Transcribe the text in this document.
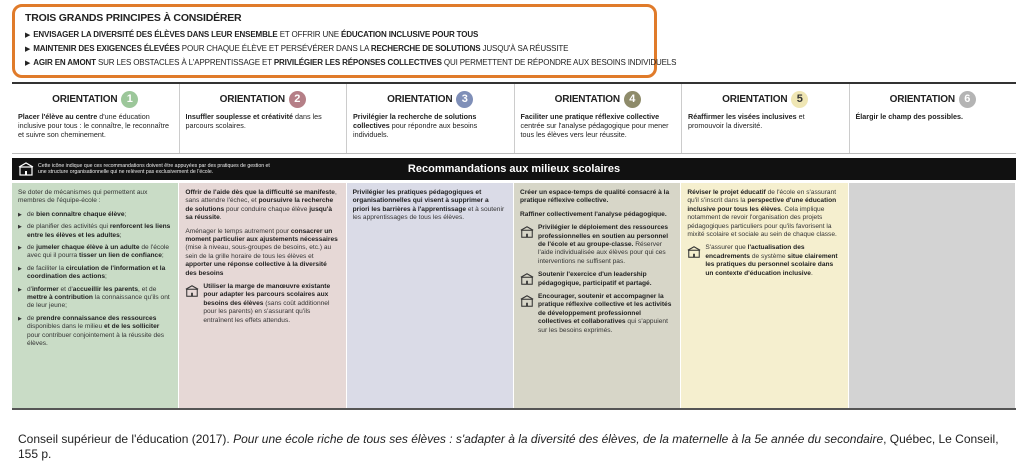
TROIS GRANDS PRINCIPES À CONSIDÉRER
▶ ENVISAGER LA DIVERSITÉ DES ÉLÈVES DANS LEUR ENSEMBLE ET OFFRIR UNE ÉDUCATION INCLUSIVE POUR TOUS
▶ MAINTENIR DES EXIGENCES ÉLEVÉES POUR CHAQUE ÉLÈVE ET PERSÉVÉRER DANS LA RECHERCHE DE SOLUTIONS JUSQU'À SA RÉUSSITE
▶ AGIR EN AMONT SUR LES OBSTACLES À L'APPRENTISSAGE ET PRIVILÉGIER LES RÉPONSES COLLECTIVES QUI PERMETTENT DE RÉPONDRE AUX BESOINS INDIVIDUELS
ORIENTATION 1
Placer l'élève au centre d'une éducation inclusive pour tous : le connaître, le reconnaître et suivre son cheminement.
ORIENTATION 2
Insuffler souplesse et créativité dans les parcours scolaires.
ORIENTATION 3
Privilégier la recherche de solutions collectives pour répondre aux besoins individuels.
ORIENTATION 4
Faciliter une pratique réflexive collective centrée sur l'analyse pédagogique pour mener tous les élèves vers leur réussite.
ORIENTATION 5
Réaffirmer les visées inclusives et promouvoir la diversité.
ORIENTATION 6
Élargir le champ des possibles.
Cette icône indique que ces recommandations doivent être appuyées par des pratiques de gestion et une structure organisationnelle qui ne relèvent pas exclusivement de l'école.	Recommandations aux milieux scolaires

Se doter de mécanismes qui permettent aux membres de l'équipe-école :

▶ de bien connaître chaque élève;
▶ de planifier des activités qui renforcent les liens entre les élèves et les adultes;
▶ de jumeler chaque élève à un adulte de l'école avec qui il pourra tisser un lien de confiance;
▶ de faciliter la circulation de l'information et la coordination des actions;
▶ d'informer et d'accueillir les parents, et de mettre à contribution la connaissance qu'ils ont de leur jeune;
▶ de prendre connaissance des ressources disponibles dans le milieu et de les solliciter pour contribuer conjointement à la réussite des élèves.

Offrir de l'aide dès que la difficulté se manifeste, sans attendre l'échec, et poursuivre la recherche de solutions pour conduire chaque élève jusqu'à sa réussite.

Aménager le temps autrement pour consacrer un moment particulier aux ajustements nécessaires (mise à niveau, sous-groupes de besoins, etc.) au sein de la grille horaire de tous les élèves et apporter une réponse collective à la diversité des besoins

Utiliser la marge de manœuvre existante pour adapter les parcours scolaires aux besoins des élèves (sans coût additionnel pour les parents) en s'assurant qu'ils entraînent les effets attendus.

Privilégier les pratiques pédagogiques et organisationnelles qui visent à supprimer a priori les barrières à l'apprentissage et à soutenir les apprentissages de tous les élèves.

Créer un espace-temps de qualité consacré à la pratique réflexive collective.

Raffiner collectivement l'analyse pédagogique.

Privilégier le déploiement des ressources professionnelles en soutien au personnel de l'école et au groupe-classe. Réserver l'aide individualisée aux élèves pour qui ces interventions ne suffisent pas.
Soutenir l'exercice d'un leadership pédagogique, participatif et partagé.
Encourager, soutenir et accompagner la pratique réflexive collective et les activités de développement professionnel collectives et collaboratives qui s'appuient sur les besoins exprimés.

Réviser le projet éducatif de l'école en s'assurant qu'il s'inscrit dans la perspective d'une éducation inclusive pour tous les élèves. Cela implique notamment de revoir l'organisation des projets pédagogiques particuliers pour qu'ils favorisent la mixité scolaire et sociale au sein de chaque classe.

S'assurer que l'actualisation des encadrements de système situe clairement les pratiques du personnel scolaire dans un contexte d'éducation inclusive.
Conseil supérieur de l'éducation (2017). Pour une école riche de tous ses élèves : s'adapter à la diversité des élèves, de la maternelle à la 5e année du secondaire, Québec, Le Conseil, 155 p.
